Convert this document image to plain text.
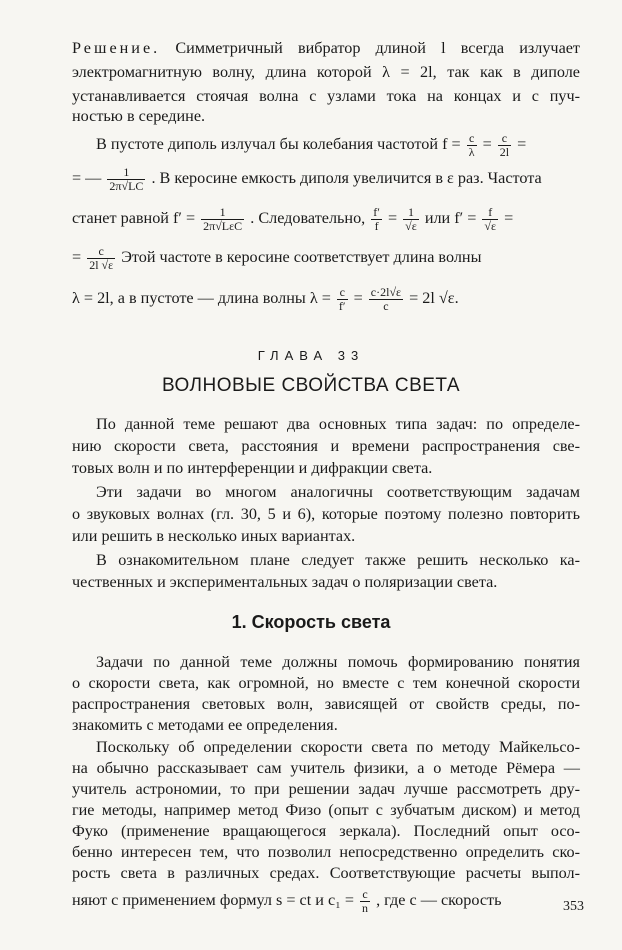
Решение. Симметричный вибратор длиной l всегда излучает
электромагнитную волну, длина которой λ = 2l, так как в диполе
устанавливается стоячая волна с узлами тока на концах и с пуч-
ностью в середине.
В пустоте диполь излучал бы колебания частотой $f = \frac{c}{\lambda} = \frac{c}{2l}$ =
= — $\frac{1}{2\pi√LC}$ . В керосине емкость диполя увеличится в ε раз. Частота
станет равной $f' = \frac{1}{\text{2π√LεC}}$ . Следовательно, $\frac{f'}{f} = \frac{1}{√\varepsilon}$ или $f' = \frac{f}{√\varepsilon}$ =
= $\frac{c}{2l √\varepsilon}$ Этой частоте в керосине соответствует длина волны
λ = 2l, а в пустоте — длина волны $\lambda = \frac{c}{f'} = \frac{c\cdot 2l√\varepsilon}{c} = 2l$ √ε.
ГЛАВА 33
ВОЛНОВЫЕ СВОЙСТВА СВЕТА
По данной теме решают два основных типа задач: по определе-
нию скорости света, расстояния и времени распространения све-
товых волн и по интерференции и дифракции света.
Эти задачи во многом аналогичны соответствующим задачам
о звуковых волнах (гл. 30, 5 и 6), которые поэтому полезно повторить
или решить в несколько иных вариантах.
В ознакомительном плане следует также решить несколько ка-
чественных и экспериментальных задач о поляризации света.
1. Скорость света
Задачи по данной теме должны помочь формированию понятия
о скорости света, как огромной, но вместе с тем конечной скорости
распространения световых волн, зависящей от свойств среды, по-
знакомить с методами ее определения.
Поскольку об определении скорости света по методу Майкельсо-
на обычно рассказывает сам учитель физики, а о методе Рёмера —
учитель астрономии, то при решении задач лучше рассмотреть дру-
гие методы, например метод Физо (опыт с зубчатым диском) и метод
Фуко (применение вращающегося зеркала). Последний опыт осо-
бенно интересен тем, что позволил непосредственно определить ско-
рость света в различных средах. Соответствующие расчеты выпол-
няют с применением формул s = ct и $c_1 = \frac{c}{n}$ , где c — скорость	353
